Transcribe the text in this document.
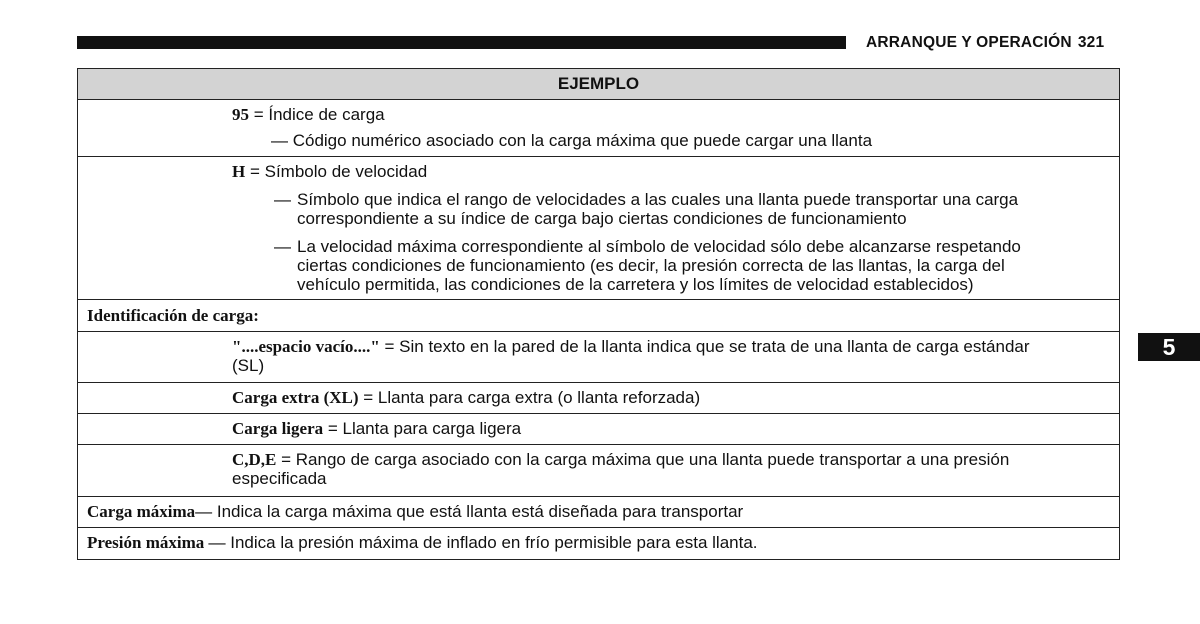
ARRANQUE Y OPERACIÓN 321
5
EJEMPLO
95 = Índice de carga
— Código numérico asociado con la carga máxima que puede cargar una llanta
H = Símbolo de velocidad
— Símbolo que indica el rango de velocidades a las cuales una llanta puede transportar una carga
correspondiente a su índice de carga bajo ciertas condiciones de funcionamiento
— La velocidad máxima correspondiente al símbolo de velocidad sólo debe alcanzarse respetando
ciertas condiciones de funcionamiento (es decir, la presión correcta de las llantas, la carga del
vehículo permitida, las condiciones de la carretera y los límites de velocidad establecidos)
Identificación de carga:
"....espacio vacío...." = Sin texto en la pared de la llanta indica que se trata de una llanta de carga estándar
(SL)
Carga extra (XL) = Llanta para carga extra (o llanta reforzada)
Carga ligera = Llanta para carga ligera
C,D,E = Rango de carga asociado con la carga máxima que una llanta puede transportar a una presión
especificada
Carga máxima— Indica la carga máxima que está llanta está diseñada para transportar
Presión máxima — Indica la presión máxima de inflado en frío permisible para esta llanta.
